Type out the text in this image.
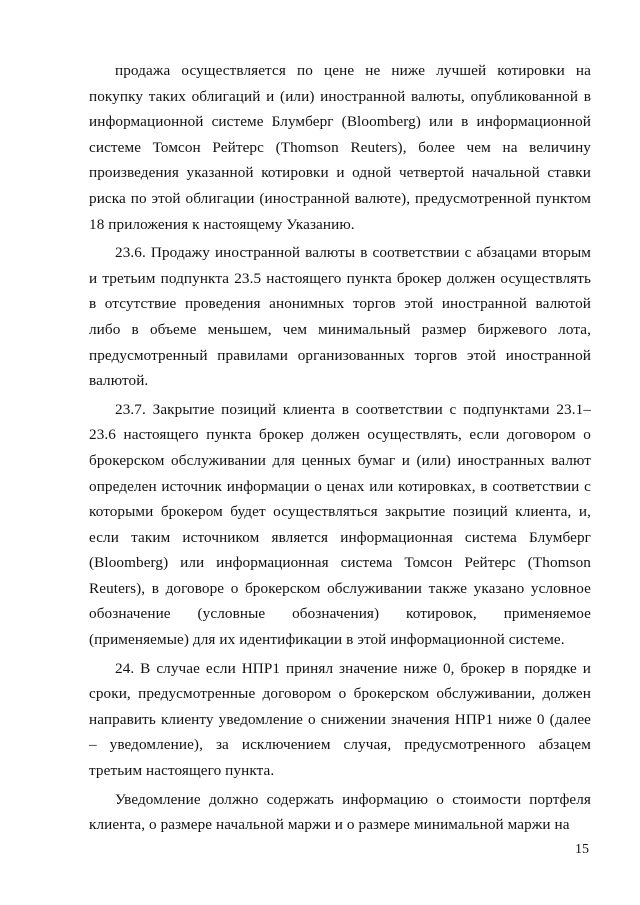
продажа осуществляется по цене не ниже лучшей котировки на покупку таких облигаций и (или) иностранной валюты, опубликованной в информационной системе Блумберг (Bloomberg) или в информационной системе Томсон Рейтерс (Thomson Reuters), более чем на величину произведения указанной котировки и одной четвертой начальной ставки риска по этой облигации (иностранной валюте), предусмотренной пунктом 18 приложения к настоящему Указанию.

23.6. Продажу иностранной валюты в соответствии с абзацами вторым и третьим подпункта 23.5 настоящего пункта брокер должен осуществлять в отсутствие проведения анонимных торгов этой иностранной валютой либо в объеме меньшем, чем минимальный размер биржевого лота, предусмотренный правилами организованных торгов этой иностранной валютой.

23.7. Закрытие позиций клиента в соответствии с подпунктами 23.1–23.6 настоящего пункта брокер должен осуществлять, если договором о брокерском обслуживании для ценных бумаг и (или) иностранных валют определен источник информации о ценах или котировках, в соответствии с которыми брокером будет осуществляться закрытие позиций клиента, и, если таким источником является информационная система Блумберг (Bloomberg) или информационная система Томсон Рейтерс (Thomson Reuters), в договоре о брокерском обслуживании также указано условное обозначение (условные обозначения) котировок, применяемое (применяемые) для их идентификации в этой информационной системе.

24. В случае если НПР1 принял значение ниже 0, брокер в порядке и сроки, предусмотренные договором о брокерском обслуживании, должен направить клиенту уведомление о снижении значения НПР1 ниже 0 (далее – уведомление), за исключением случая, предусмотренного абзацем третьим настоящего пункта.

Уведомление должно содержать информацию о стоимости портфеля клиента, о размере начальной маржи и о размере минимальной маржи на

15
